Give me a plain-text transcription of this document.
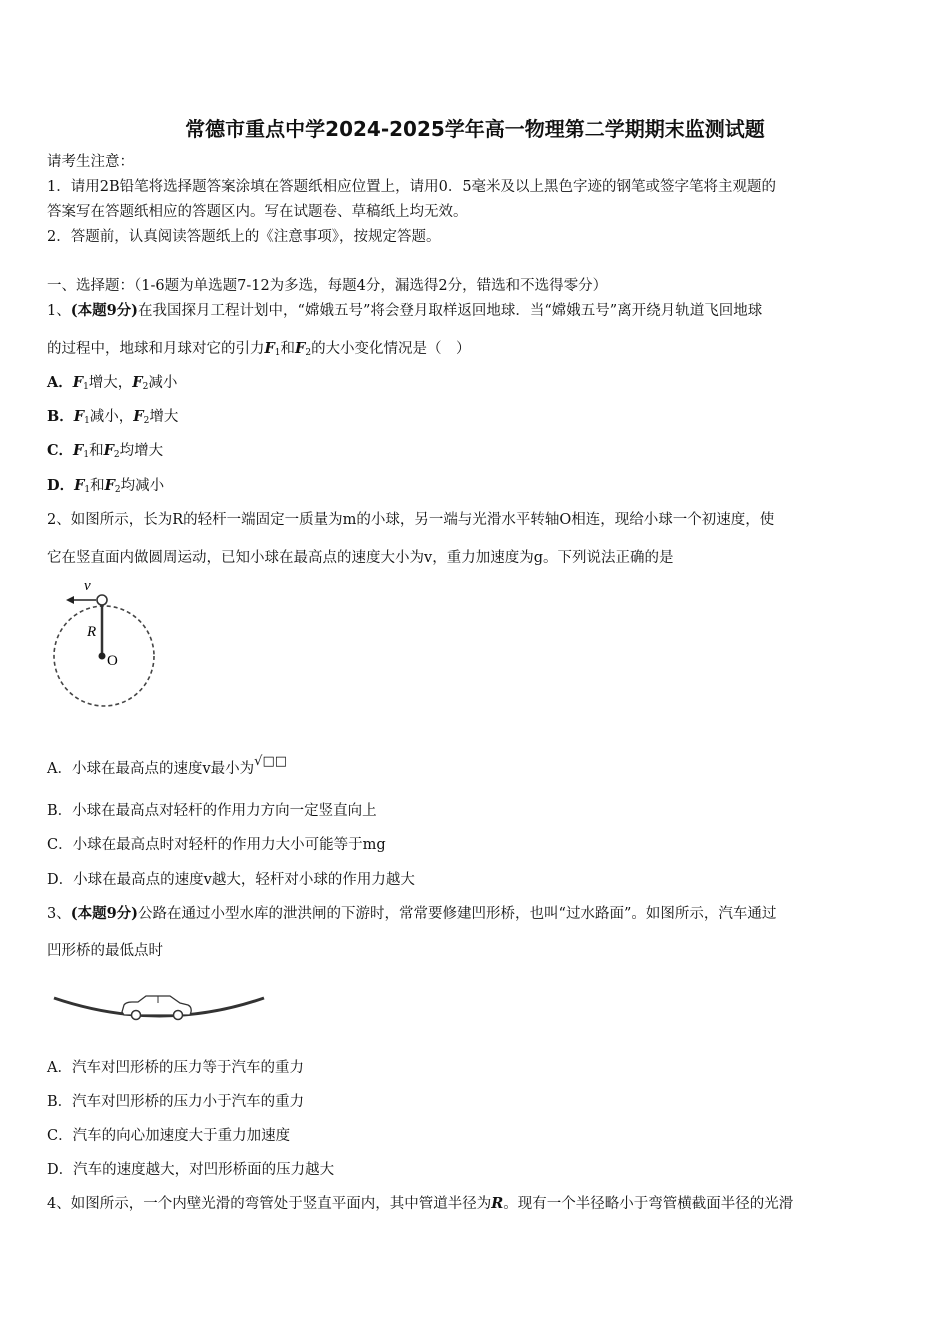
常德市重点中学2024-2025学年高一物理第二学期期末监测试题
请考生注意：
1．请用2B铅笔将选择题答案涂填在答题纸相应位置上，请用0．5毫米及以上黑色字迹的钢笔或签字笔将主观题的
答案写在答题纸相应的答题区内。写在试题卷、草稿纸上均无效。
2．答题前，认真阅读答题纸上的《注意事项》，按规定答题。
一、选择题：（1-6题为单选题7-12为多选，每题4分，漏选得2分，错选和不选得零分）
1、(本题9分)在我国探月工程计划中，“嫦娥五号”将会登月取样返回地球．当“嫦娥五号”离开绕月轨道飞回地球
的过程中，地球和月球对它的引力$F_1$和$F_2$的大小变化情况是（　）
A．$F_1$增大，$F_2$减小
B．$F_1$减小，$F_2$增大
C．$F_1$和$F_2$均增大
D．$F_1$和$F_2$均减小
2、如图所示，长为R的轻杆一端固定一质量为m的小球，另一端与光滑水平转轴O相连，现给小球一个初速度，使
它在竖直面内做圆周运动，已知小球在最高点的速度大小为v，重力加速度为g。下列说法正确的是
v
R
O
A．小球在最高点的速度v最小为√□□
B．小球在最高点对轻杆的作用力方向一定竖直向上
C．小球在最高点时对轻杆的作用力大小可能等于mg
D．小球在最高点的速度v越大，轻杆对小球的作用力越大
3、(本题9分)公路在通过小型水库的泄洪闸的下游时，常常要修建凹形桥，也叫“过水路面”。如图所示，汽车通过
凹形桥的最低点时
A．汽车对凹形桥的压力等于汽车的重力
B．汽车对凹形桥的压力小于汽车的重力
C．汽车的向心加速度大于重力加速度
D．汽车的速度越大，对凹形桥面的压力越大
4、如图所示，一个内壁光滑的弯管处于竖直平面内，其中管道半径为R。现有一个半径略小于弯管横截面半径的光滑
